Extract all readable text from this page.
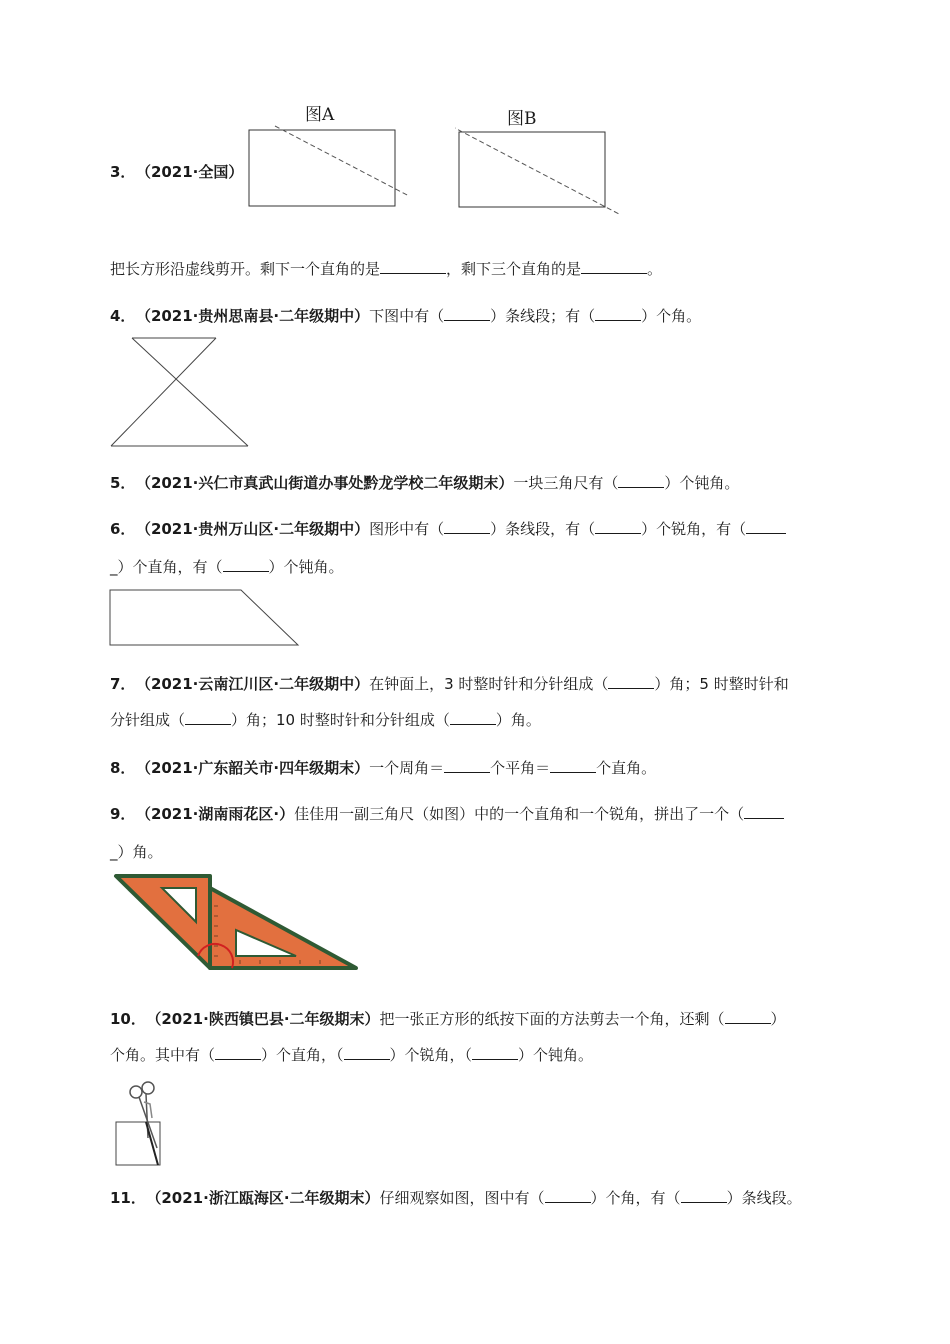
3． （2021·全国）
图A	图B
把长方形沿虚线剪开。剩下一个直角的是	，剩下三个直角的是	。
4． （2021·贵州思南县·二年级期中）下图中有（	）条线段；有（	）个角。
5． （2021·兴仁市真武山街道办事处黔龙学校二年级期末）一块三角尺有（	）个钝角。
6． （2021·贵州万山区·二年级期中）图形中有（	）条线段，有（	）个锐角，有（
_）个直角，有（	）个钝角。
7． （2021·云南江川区·二年级期中）在钟面上，3 时整时针和分针组成（	）角；5 时整时针和
分针组成（	）角；10 时整时针和分针组成（	）角。
8． （2021·广东韶关市·四年级期末）一个周角＝	个平角＝	个直角。
9． （2021·湖南雨花区·）佳佳用一副三角尺（如图）中的一个直角和一个锐角，拼出了一个（
_）角。
10． （2021·陕西镇巴县·二年级期末）把一张正方形的纸按下面的方法剪去一个角，还剩（	）
个角。其中有（	）个直角，（	）个锐角，（	）个钝角。
11． （2021·浙江瓯海区·二年级期末）仔细观察如图，图中有（	）个角，有（	）条线段。
